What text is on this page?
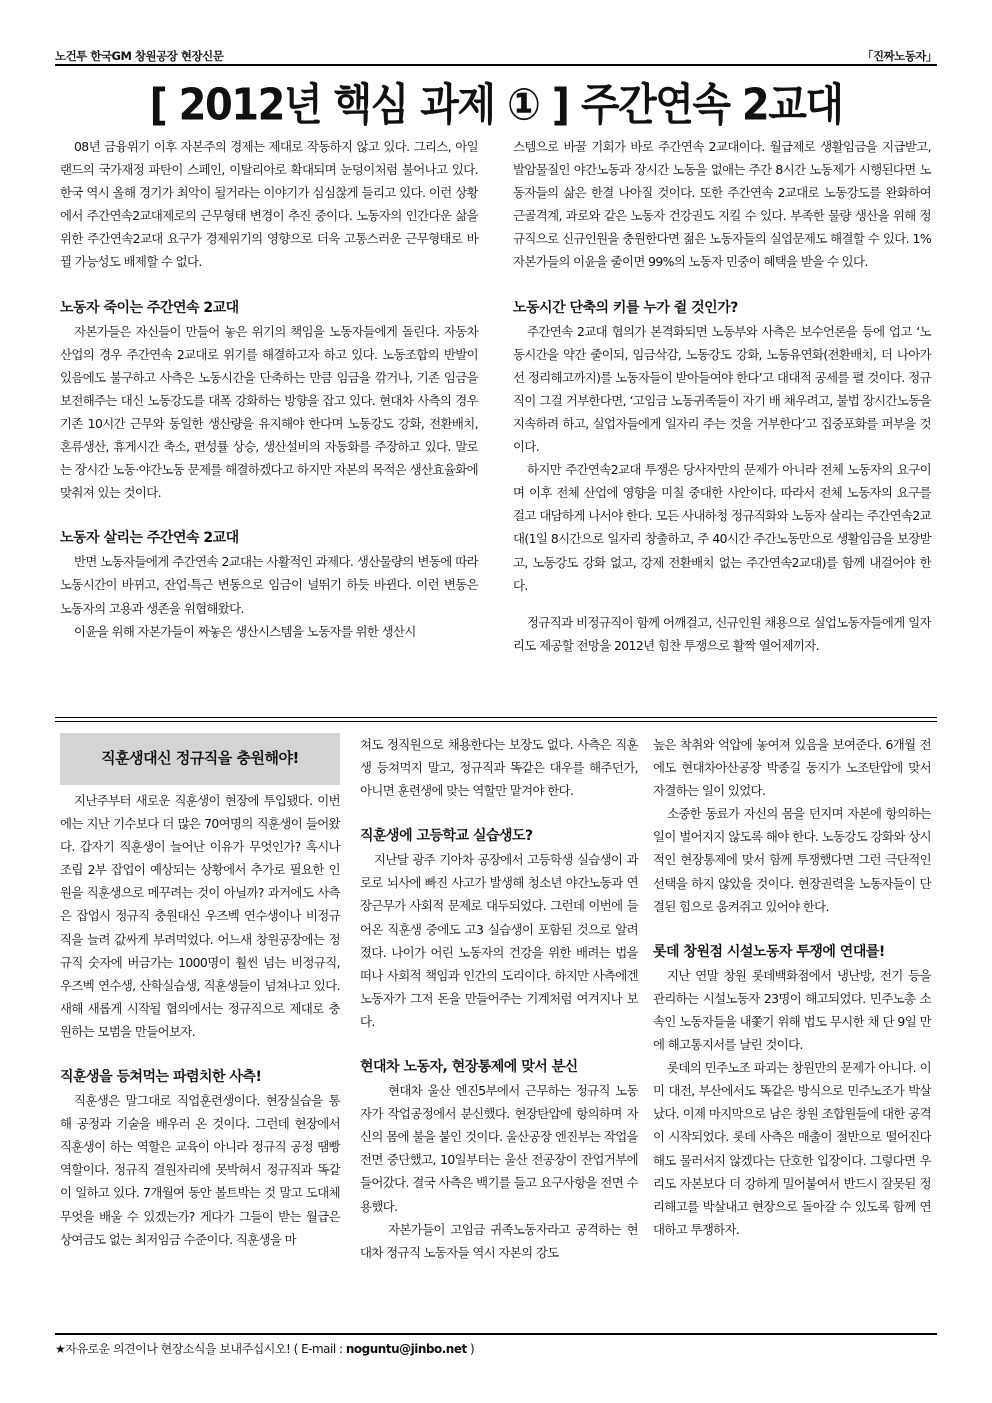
노건투 한국GM 창원공장 현장신문	「진짜노동자」
[ 2012년 핵심 과제 ① ] 주간연속 2교대

08년 금융위기 이후 자본주의 경제는 제대로 작동하지 않고 있다. 그리스, 아일랜드의 국가재정 파탄이 스페인, 이탈리아로 확대되며 눈덩이처럼 불어나고 있다. 한국 역시 올해 경기가 최악이 될거라는 이야기가 심심찮게 들리고 있다. 이런 상황에서 주간연속2교대제로의 근무형태 변경이 추진 중이다. 노동자의 인간다운 삶을 위한 주간연속2교대 요구가 경제위기의 영향으로 더욱 고통스러운 근무형태로 바뀔 가능성도 배제할 수 없다.

노동자 죽이는 주간연속 2교대

자본가들은 자신들이 만들어 놓은 위기의 책임을 노동자들에게 돌린다. 자동차산업의 경우 주간연속 2교대로 위기를 해결하고자 하고 있다. 노동조합의 반발이 있음에도 불구하고 사측은 노동시간을 단축하는 만큼 임금을 깎거나, 기존 임금을 보전해주는 대신 노동강도를 대폭 강화하는 방향을 잡고 있다. 현대차 사측의 경우 기존 10시간 근무와 동일한 생산량을 유지해야 한다며 노동강도 강화, 전환배치, 혼류생산, 휴게시간 축소, 편성률 상승, 생산설비의 자동화를 주장하고 있다. 말로는 장시간 노동·야간노동 문제를 해결하겠다고 하지만 자본의 목적은 생산효율화에 맞춰져 있는 것이다.

노동자 살리는 주간연속 2교대

반면 노동자들에게 주간연속 2교대는 사활적인 과제다. 생산물량의 변동에 따라 노동시간이 바뀌고, 잔업·특근 변동으로 임금이 널뛰기 하듯 바뀐다. 이런 변동은 노동자의 고용과 생존을 위협해왔다.

이윤을 위해 자본가들이 짜놓은 생산시스템을 노동자를 위한 생산시

스템으로 바꿀 기회가 바로 주간연속 2교대이다. 월급제로 생활임금을 지급받고, 발암물질인 야간노동과 장시간 노동을 없애는 주간 8시간 노동제가 시행된다면 노동자들의 삶은 한결 나아질 것이다. 또한 주간연속 2교대로 노동강도를 완화하여 근골격계, 과로와 같은 노동자 건강권도 지킬 수 있다. 부족한 물량 생산을 위해 정규직으로 신규인원을 충원한다면 젊은 노동자들의 실업문제도 해결할 수 있다. 1% 자본가들의 이윤을 줄이면 99%의 노동자 민중이 혜택을 받을 수 있다.

노동시간 단축의 키를 누가 쥘 것인가?

주간연속 2교대 협의가 본격화되면 노동부와 사측은 보수언론을 등에 업고 ‘노동시간을 약간 줄이되, 임금삭감, 노동강도 강화, 노동유연화(전환배치, 더 나아가선 정리해고까지)를 노동자들이 받아들여야 한다’고 대대적 공세를 펼 것이다. 정규직이 그걸 거부한다면, ‘고임금 노동귀족들이 자기 배 채우려고, 불법 장시간노동을 지속하려 하고, 실업자들에게 일자리 주는 것을 거부한다’고 집중포화를 퍼부을 것이다.

하지만 주간연속2교대 투쟁은 당사자만의 문제가 아니라 전체 노동자의 요구이며 이후 전체 산업에 영향을 미칠 중대한 사안이다. 따라서 전체 노동자의 요구를 걸고 대담하게 나서야 한다. 모든 사내하청 정규직화와 노동자 살리는 주간연속2교대(1일 8시간으로 일자리 창출하고, 주 40시간 주간노동만으로 생활임금을 보장받고, 노동강도 강화 없고, 강제 전환배치 없는 주간연속2교대)를 함께 내걸어야 한다.

정규직과 비정규직이 함께 어깨걸고, 신규인원 채용으로 실업노동자들에게 일자리도 제공할 전망을 2012년 힘찬 투쟁으로 활짝 열어제끼자.

직훈생대신 정규직을 충원해야!

지난주부터 새로운 직훈생이 현장에 투입됐다. 이번에는 지난 기수보다 더 많은 70여명의 직훈생이 들어왔다. 갑자기 직훈생이 늘어난 이유가 무엇인가? 혹시나 조립 2부 잡업이 예상되는 상황에서 추가로 필요한 인원을 직훈생으로 메꾸려는 것이 아닐까? 과거에도 사측은 잡업시 정규직 충원대신 우즈벡 연수생이나 비정규직을 늘려 값싸게 부려먹었다. 어느새 창원공장에는 정규직 숫자에 버금가는 1000명이 훨씬 넘는 비정규직, 우즈벡 연수생, 산학실습생, 직훈생들이 넘쳐나고 있다. 새해 새롭게 시작될 협의에서는 정규직으로 제대로 충원하는 모범을 만들어보자.

직훈생을 등쳐먹는 파렴치한 사측!

직훈생은 말그대로 직업훈련생이다. 현장실습을 통해 공정과 기술을 배우러 온 것이다. 그런데 현장에서 직훈생이 하는 역할은 교육이 아니라 정규직 공정 땜빵 역할이다. 정규직 결원자리에 못박혀서 정규직과 똑같이 일하고 있다. 7개월여 동안 볼트박는 것 말고 도대체 무엇을 배울 수 있겠는가? 게다가 그들이 받는 월급은 상여금도 없는 최저임금 수준이다. 직훈생을 마

쳐도 정직원으로 채용한다는 보장도 없다. 사측은 직훈생 등쳐먹지 말고, 정규직과 똑같은 대우를 해주던가, 아니면 훈련생에 맞는 역할만 맡겨야 한다.

직훈생에 고등학교 실습생도?

지난달 광주 기아차 공장에서 고등학생 실습생이 과로로 뇌사에 빠진 사고가 발생해 청소년 야간노동과 연장근무가 사회적 문제로 대두되었다. 그런데 이번에 들어온 직훈생 중에도 고3 실습생이 포함된 것으로 알려졌다. 나이가 어린 노동자의 건강을 위한 배려는 법을 떠나 사회적 책임과 인간의 도리이다. 하지만 사측에겐 노동자가 그저 돈을 만들어주는 기계처럼 여겨지나 보다.

현대차 노동자, 현장통제에 맞서 분신

현대차 울산 엔진5부에서 근무하는 정규직 노동자가 작업공정에서 분신했다. 현장탄압에 항의하며 자신의 몸에 불을 붙인 것이다. 울산공장 엔진부는 작업을 전면 중단했고, 10일부터는 울산 전공장이 잔업거부에 들어갔다. 결국 사측은 백기를 들고 요구사항을 전면 수용했다.

자본가들이 고임금 귀족노동자라고 공격하는 현대차 정규직 노동자들 역시 자본의 강도

높은 착취와 억압에 놓여져 있음을 보여준다. 6개월 전에도 현대차아산공장 박종길 동지가 노조탄압에 맞서 자결하는 일이 있었다.

소중한 동료가 자신의 몸을 던지며 자본에 항의하는 일이 벌어지지 않도록 해야 한다. 노동강도 강화와 상시적인 현장통제에 맞서 함께 투쟁했다면 그런 극단적인 선택을 하지 않았을 것이다. 현장권력을 노동자들이 단결된 힘으로 움켜쥐고 있어야 한다.

롯데 창원점 시설노동자 투쟁에 연대를!

지난 연말 창원 롯데백화점에서 냉난방, 전기 등을 관리하는 시설노동자 23명이 해고되었다. 민주노총 소속인 노동자들을 내쫓기 위해 법도 무시한 채 단 9일 만에 해고통지서를 날린 것이다.

롯데의 민주노조 파괴는 창원만의 문제가 아니다. 이미 대전, 부산에서도 똑같은 방식으로 민주노조가 박살났다. 이제 마지막으로 남은 창원 조합원들에 대한 공격이 시작되었다. 롯데 사측은 매출이 절반으로 떨어진다 해도 물러서지 않겠다는 단호한 입장이다. 그렇다면 우리도 자본보다 더 강하게 밀어붙여서 반드시 잘못된 정리해고를 박살내고 현장으로 돌아갈 수 있도록 함께 연대하고 투쟁하자.

★자유로운 의견이나 현장소식을 보내주십시오! ( E-mail : noguntu@jinbo.net )
